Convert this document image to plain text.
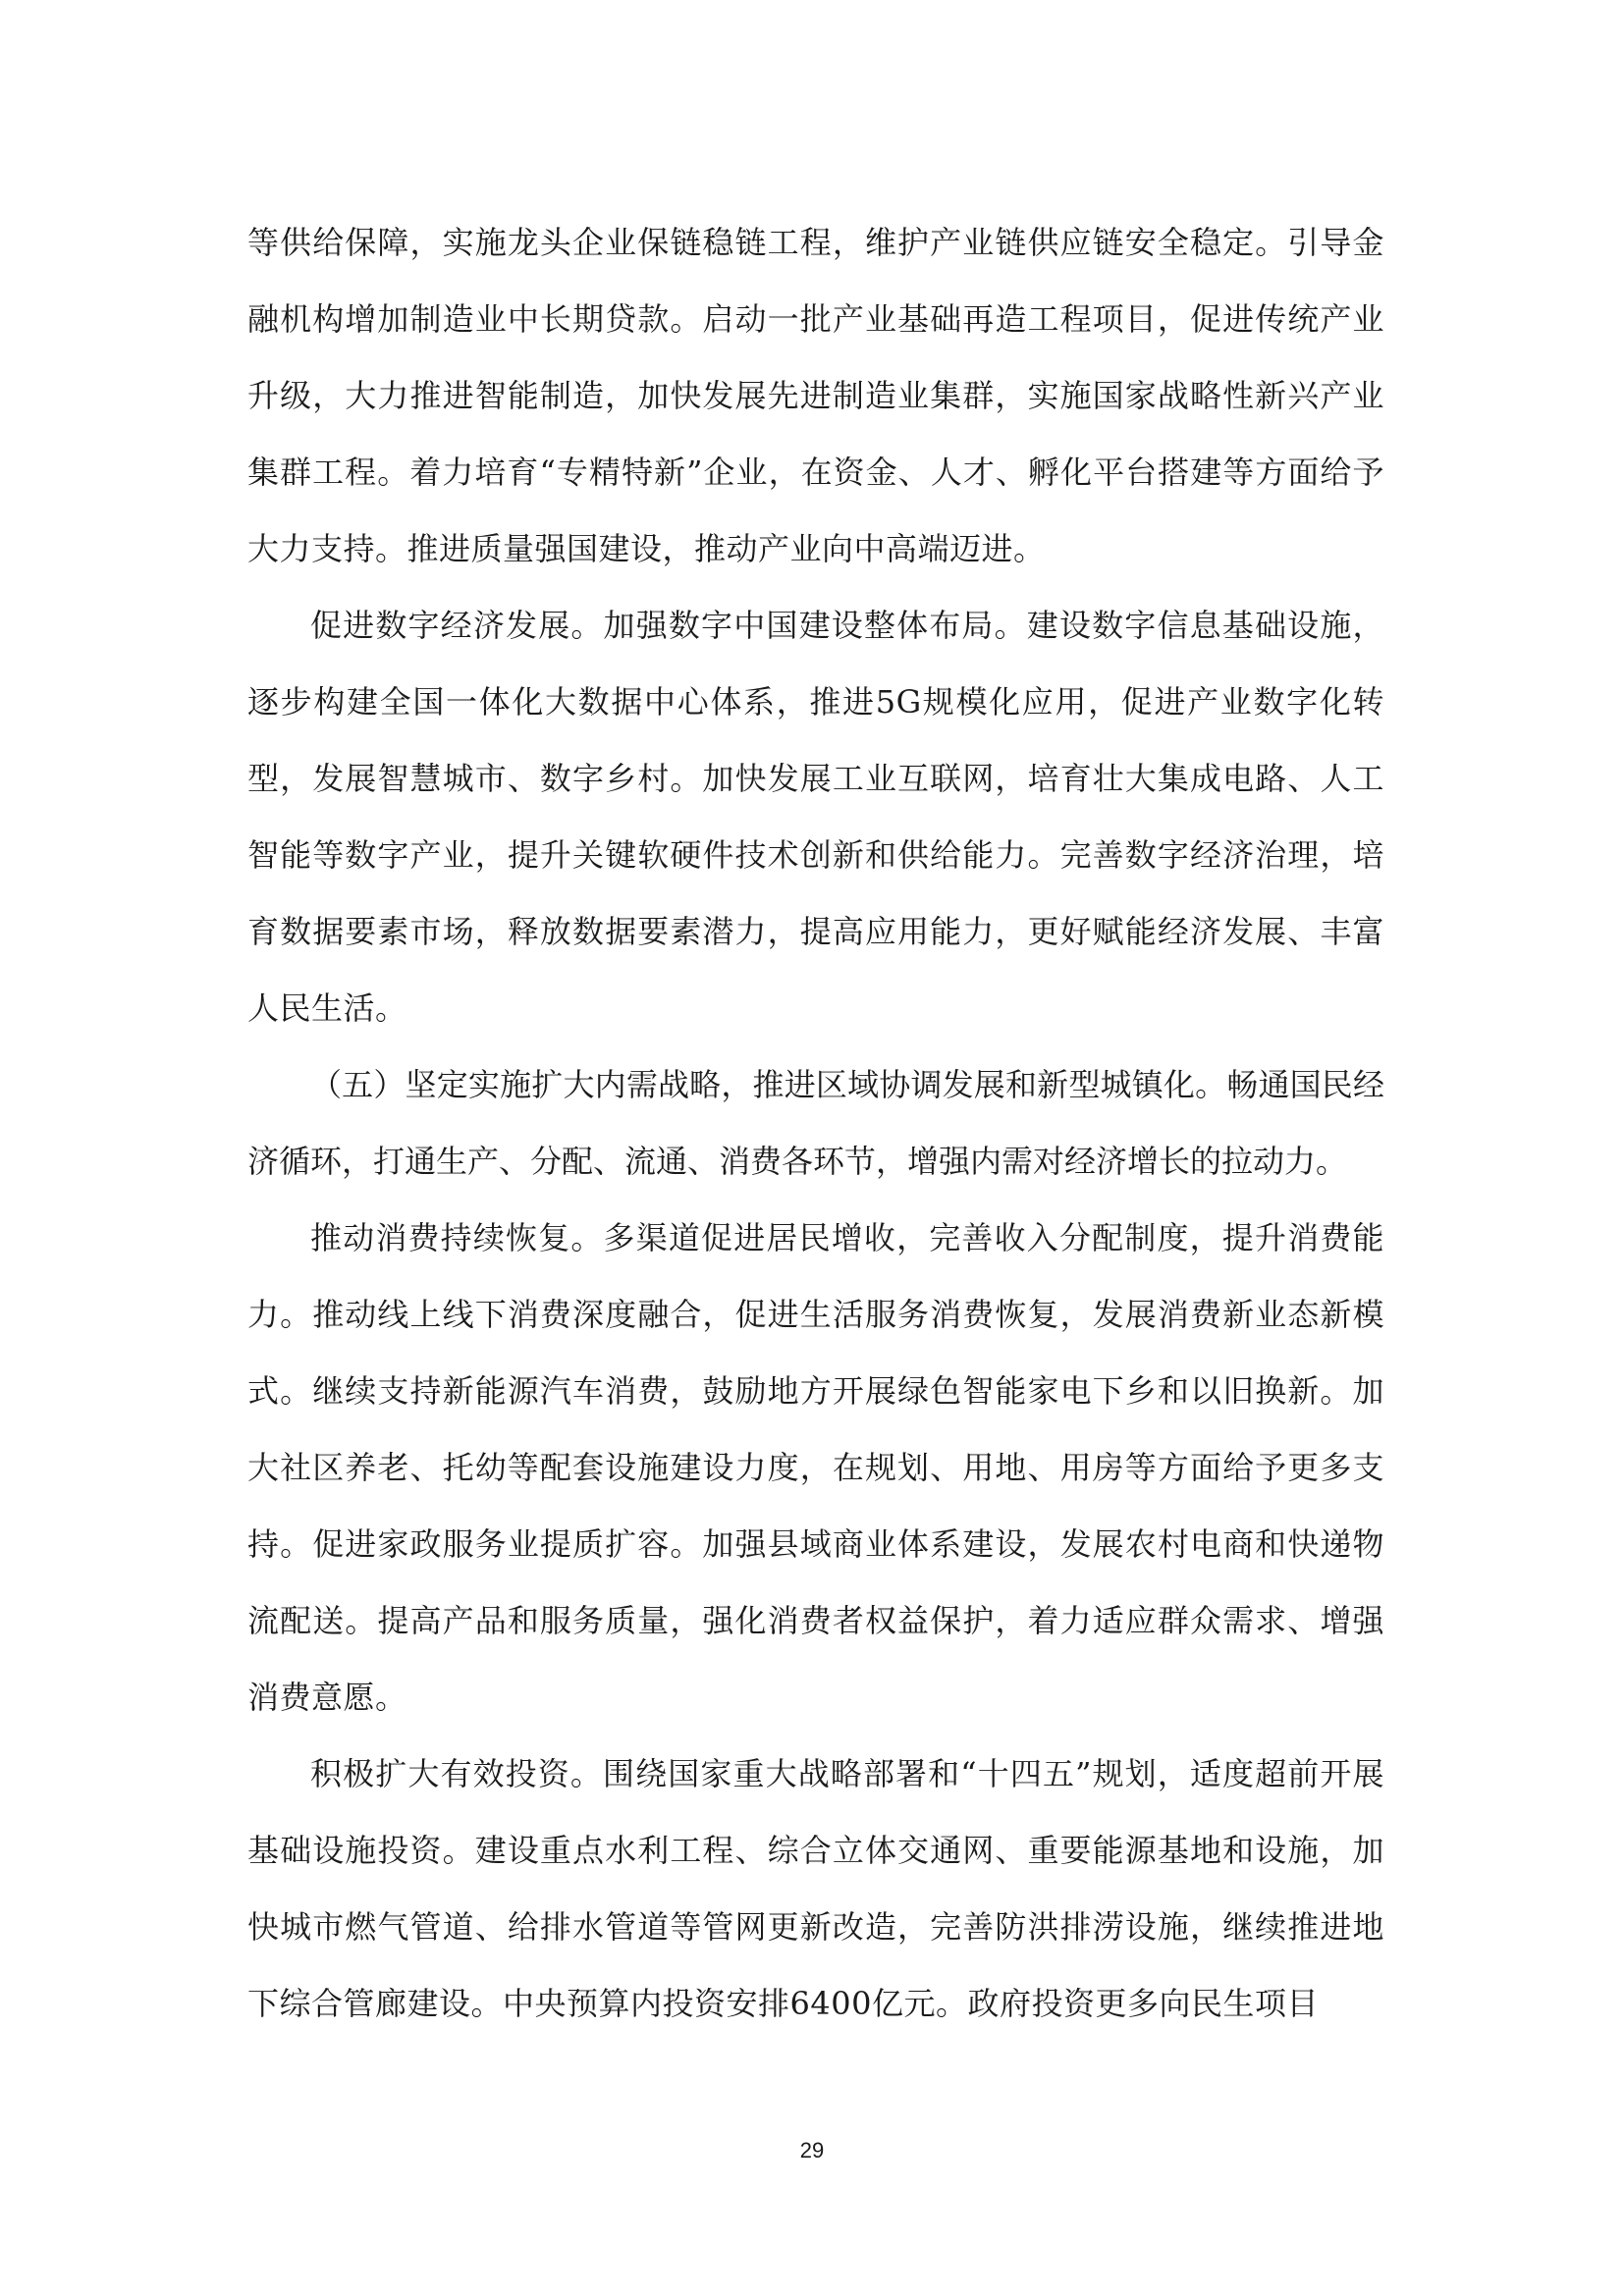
等供给保障，实施龙头企业保链稳链工程，维护产业链供应链安全稳定。引导金融机构增加制造业中长期贷款。启动一批产业基础再造工程项目，促进传统产业升级，大力推进智能制造，加快发展先进制造业集群，实施国家战略性新兴产业集群工程。着力培育“专精特新”企业，在资金、人才、孵化平台搭建等方面给予大力支持。推进质量强国建设，推动产业向中高端迈进。

促进数字经济发展。加强数字中国建设整体布局。建设数字信息基础设施，逐步构建全国一体化大数据中心体系，推进5G规模化应用，促进产业数字化转型，发展智慧城市、数字乡村。加快发展工业互联网，培育壮大集成电路、人工智能等数字产业，提升关键软硬件技术创新和供给能力。完善数字经济治理，培育数据要素市场，释放数据要素潜力，提高应用能力，更好赋能经济发展、丰富人民生活。

（五）坚定实施扩大内需战略，推进区域协调发展和新型城镇化。畅通国民经济循环，打通生产、分配、流通、消费各环节，增强内需对经济增长的拉动力。

推动消费持续恢复。多渠道促进居民增收，完善收入分配制度，提升消费能力。推动线上线下消费深度融合，促进生活服务消费恢复，发展消费新业态新模式。继续支持新能源汽车消费，鼓励地方开展绿色智能家电下乡和以旧换新。加大社区养老、托幼等配套设施建设力度，在规划、用地、用房等方面给予更多支持。促进家政服务业提质扩容。加强县域商业体系建设，发展农村电商和快递物流配送。提高产品和服务质量，强化消费者权益保护，着力适应群众需求、增强消费意愿。

积极扩大有效投资。围绕国家重大战略部署和“十四五”规划，适度超前开展基础设施投资。建设重点水利工程、综合立体交通网、重要能源基地和设施，加快城市燃气管道、给排水管道等管网更新改造，完善防洪排涝设施，继续推进地下综合管廊建设。中央预算内投资安排6400亿元。政府投资更多向民生项目

29
